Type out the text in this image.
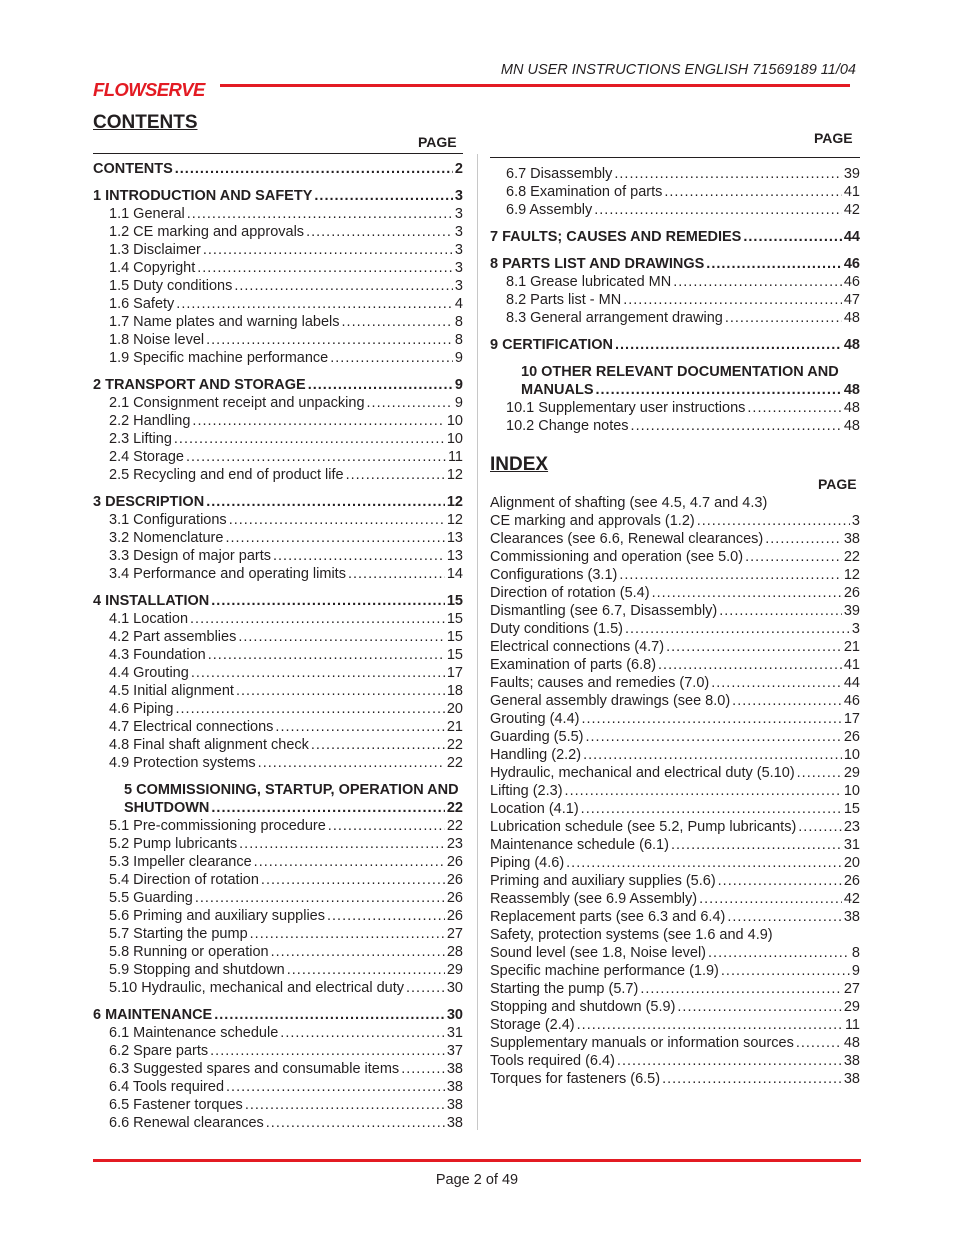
FLOWSERVE
MN USER INSTRUCTIONS ENGLISH 71569189 11/04
CONTENTS
PAGE	PAGE
CONTENTS .....	2
1 INTRODUCTION AND SAFETY .....	3
1.1 General .....	3
1.2 CE marking and approvals .....	3
1.3 Disclaimer .....	3
1.4 Copyright .....	3
1.5 Duty conditions .....	3
1.6 Safety .....	4
1.7 Name plates and warning labels .....	8
1.8 Noise level .....	8
1.9 Specific machine performance .....	9
2 TRANSPORT AND STORAGE .....	9
2.1 Consignment receipt and unpacking .....	9
2.2 Handling .....	10
2.3 Lifting .....	10
2.4 Storage .....	11
2.5 Recycling and end of product life .....	12
3 DESCRIPTION .....	12
3.1 Configurations .....	12
3.2 Nomenclature .....	13
3.3 Design of major parts .....	13
3.4 Performance and operating limits .....	14
4 INSTALLATION .....	15
4.1 Location .....	15
4.2 Part assemblies .....	15
4.3 Foundation .....	15
4.4 Grouting .....	17
4.5 Initial alignment .....	18
4.6 Piping .....	20
4.7 Electrical connections .....	21
4.8 Final shaft alignment check .....	22
4.9 Protection systems .....	22
5 COMMISSIONING, STARTUP, OPERATION AND
SHUTDOWN .....	22
5.1 Pre-commissioning procedure .....	22
5.2 Pump lubricants .....	23
5.3 Impeller clearance .....	26
5.4 Direction of rotation .....	26
5.5 Guarding .....	26
5.6 Priming and auxiliary supplies .....	26
5.7 Starting the pump .....	27
5.8 Running or operation .....	28
5.9 Stopping and shutdown .....	29
5.10 Hydraulic, mechanical and electrical duty .....	30
6 MAINTENANCE .....	30
6.1 Maintenance schedule .....	31
6.2 Spare parts .....	37
6.3 Suggested spares and consumable items .....	38
6.4 Tools required .....	38
6.5 Fastener torques .....	38
6.6 Renewal clearances .....	38
6.7 Disassembly .....	39
6.8 Examination of parts .....	41
6.9 Assembly .....	42
7 FAULTS; CAUSES AND REMEDIES .....	44
8 PARTS LIST AND DRAWINGS .....	46
8.1 Grease lubricated MN .....	46
8.2 Parts list - MN .....	47
8.3 General arrangement drawing .....	48
9 CERTIFICATION .....	48
10 OTHER RELEVANT DOCUMENTATION AND
MANUALS .....	48
10.1 Supplementary user instructions .....	48
10.2 Change notes .....	48
INDEX
PAGE
Alignment of shafting (see 4.5, 4.7 and 4.3)
CE marking and approvals (1.2) .....	3
Clearances (see 6.6, Renewal clearances) .....	38
Commissioning and operation (see 5.0) .....	22
Configurations (3.1) .....	12
Direction of rotation (5.4) .....	26
Dismantling (see 6.7, Disassembly) .....	39
Duty conditions (1.5) .....	3
Electrical connections (4.7) .....	21
Examination of parts (6.8) .....	41
Faults; causes and remedies (7.0) .....	44
General assembly drawings (see 8.0) .....	46
Grouting (4.4) .....	17
Guarding (5.5) .....	26
Handling (2.2) .....	10
Hydraulic, mechanical and electrical duty (5.10) .....	29
Lifting (2.3) .....	10
Location (4.1) .....	15
Lubrication schedule (see 5.2, Pump lubricants) .....	23
Maintenance schedule (6.1) .....	31
Piping (4.6) .....	20
Priming and auxiliary supplies (5.6) .....	26
Reassembly (see 6.9 Assembly) .....	42
Replacement parts (see 6.3 and 6.4) .....	38
Safety, protection systems (see 1.6 and 4.9)
Sound level (see 1.8, Noise level) .....	8
Specific machine performance (1.9) .....	9
Starting the pump (5.7) .....	27
Stopping and shutdown (5.9) .....	29
Storage (2.4) .....	11
Supplementary manuals or information sources .....	48
Tools required (6.4) .....	38
Torques for fasteners (6.5) .....	38
Page 2 of 49
